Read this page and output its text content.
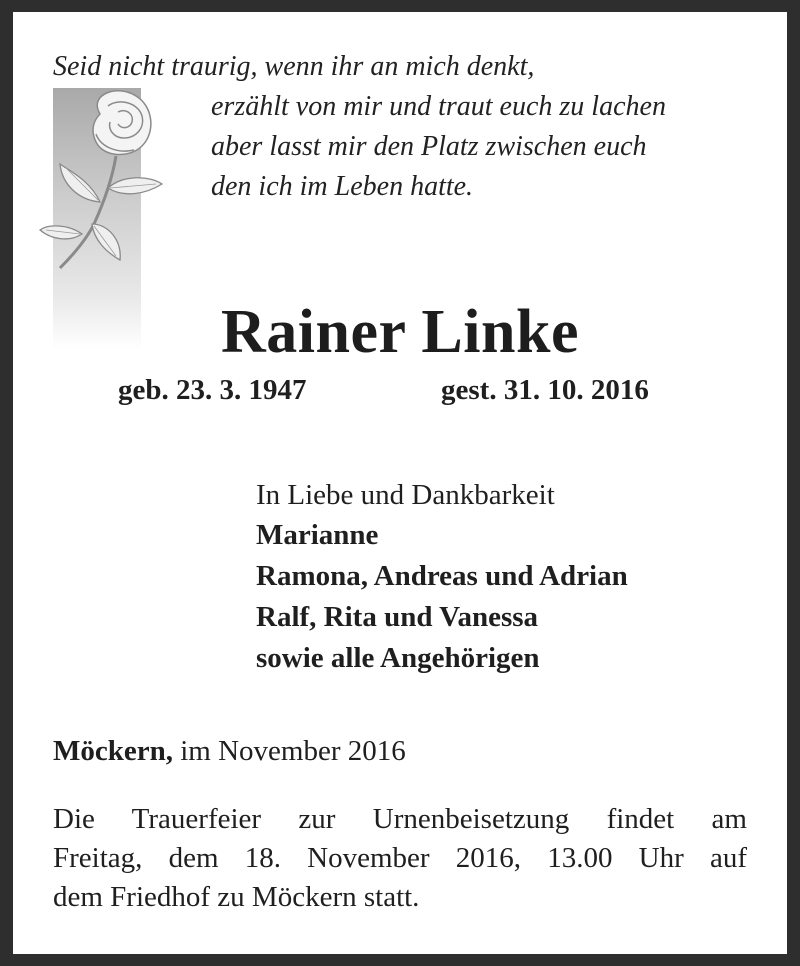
Seid nicht traurig, wenn ihr an mich denkt,
erzählt von mir und traut euch zu lachen
aber lasst mir den Platz zwischen euch
den ich im Leben hatte.
Rainer Linke
geb. 23. 3. 1947	gest. 31. 10. 2016
In Liebe und Dankbarkeit
Marianne
Ramona, Andreas und Adrian
Ralf, Rita und Vanessa
sowie alle Angehörigen
Möckern, im November 2016
Die Trauerfeier zur Urnenbeisetzung findet am
Freitag, dem 18. November 2016, 13.00 Uhr auf
dem Friedhof zu Möckern statt.
